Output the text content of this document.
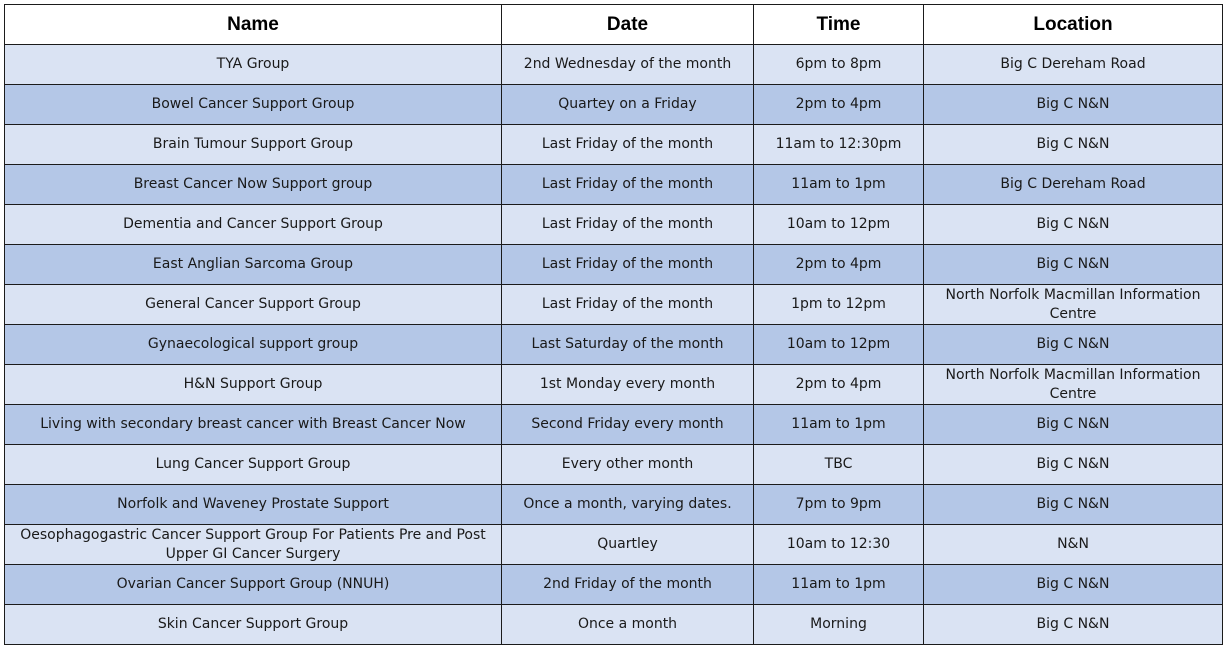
Name	Date	Time	Location
TYA Group	2nd Wednesday of the month	6pm to 8pm	Big C Dereham Road
Bowel Cancer Support Group	Quartey on a Friday	2pm to 4pm	Big C N&N
Brain Tumour Support Group	Last Friday of the month	11am to 12:30pm	Big C N&N
Breast Cancer Now Support group	Last Friday of the month	11am to 1pm	Big C Dereham Road
Dementia and Cancer Support Group	Last Friday of the month	10am to 12pm	Big C N&N
East Anglian Sarcoma Group	Last Friday of the month	2pm to 4pm	Big C N&N
General Cancer Support Group	Last Friday of the month	1pm to 12pm	North Norfolk Macmillan Information Centre
Gynaecological support group	Last Saturday of the month	10am to 12pm	Big C N&N
H&N Support Group	1st Monday every month	2pm to 4pm	North Norfolk Macmillan Information Centre
Living with secondary breast cancer with Breast Cancer Now	Second Friday every month	11am to 1pm	Big C N&N
Lung Cancer Support Group	Every other month	TBC	Big C N&N
Norfolk and Waveney Prostate Support	Once a month, varying dates.	7pm to 9pm	Big C N&N
Oesophagogastric Cancer Support Group For Patients Pre and Post Upper GI Cancer Surgery	Quartley	10am to 12:30	N&N
Ovarian Cancer Support Group (NNUH)	2nd Friday of the month	11am to 1pm	Big C N&N
Skin Cancer Support Group	Once a month	Morning	Big C N&N
